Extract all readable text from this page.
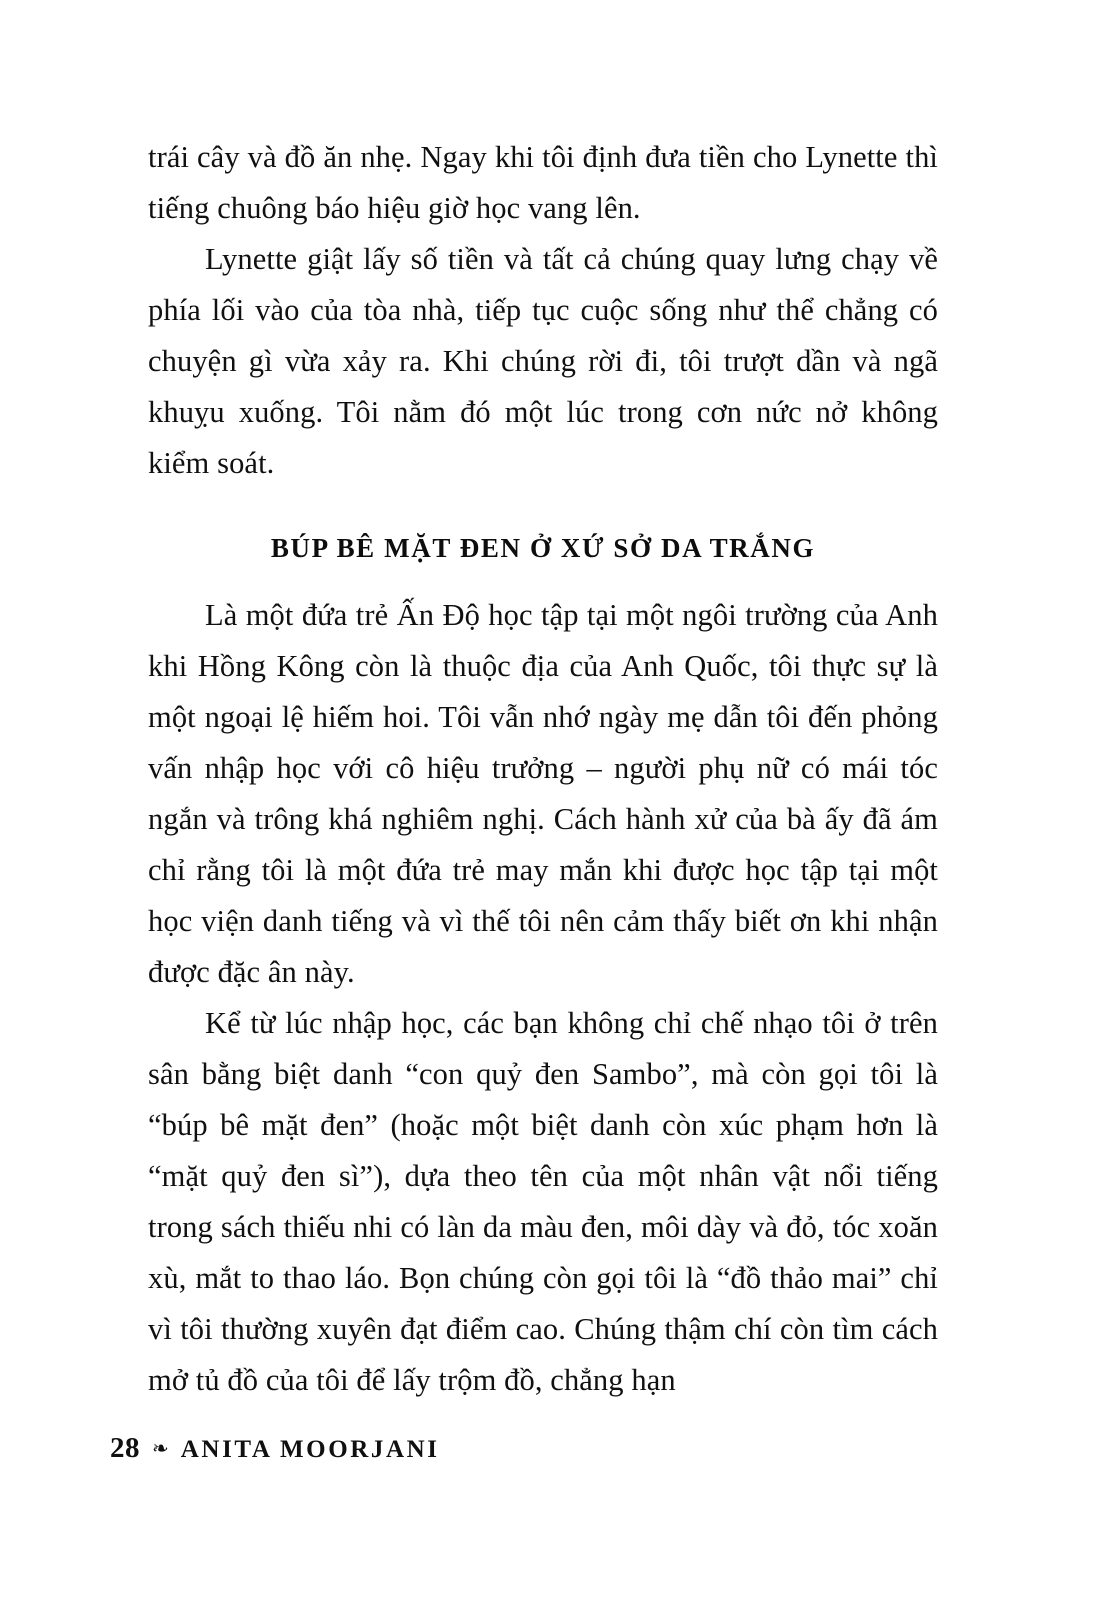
trái cây và đồ ăn nhẹ. Ngay khi tôi định đưa tiền cho Lynette thì tiếng chuông báo hiệu giờ học vang lên.

Lynette giật lấy số tiền và tất cả chúng quay lưng chạy về phía lối vào của tòa nhà, tiếp tục cuộc sống như thể chẳng có chuyện gì vừa xảy ra. Khi chúng rời đi, tôi trượt dần và ngã khuỵu xuống. Tôi nằm đó một lúc trong cơn nức nở không kiểm soát.

BÚP BÊ MẶT ĐEN Ở XỨ SỞ DA TRẮNG

Là một đứa trẻ Ấn Độ học tập tại một ngôi trường của Anh khi Hồng Kông còn là thuộc địa của Anh Quốc, tôi thực sự là một ngoại lệ hiếm hoi. Tôi vẫn nhớ ngày mẹ dẫn tôi đến phỏng vấn nhập học với cô hiệu trưởng – người phụ nữ có mái tóc ngắn và trông khá nghiêm nghị. Cách hành xử của bà ấy đã ám chỉ rằng tôi là một đứa trẻ may mắn khi được học tập tại một học viện danh tiếng và vì thế tôi nên cảm thấy biết ơn khi nhận được đặc ân này.

Kể từ lúc nhập học, các bạn không chỉ chế nhạo tôi ở trên sân bằng biệt danh “con quỷ đen Sambo”, mà còn gọi tôi là “búp bê mặt đen” (hoặc một biệt danh còn xúc phạm hơn là “mặt quỷ đen sì”), dựa theo tên của một nhân vật nổi tiếng trong sách thiếu nhi có làn da màu đen, môi dày và đỏ, tóc xoăn xù, mắt to thao láo. Bọn chúng còn gọi tôi là “đồ thảo mai” chỉ vì tôi thường xuyên đạt điểm cao. Chúng thậm chí còn tìm cách mở tủ đồ của tôi để lấy trộm đồ, chẳng hạn

28 ❧ ANITA MOORJANI
